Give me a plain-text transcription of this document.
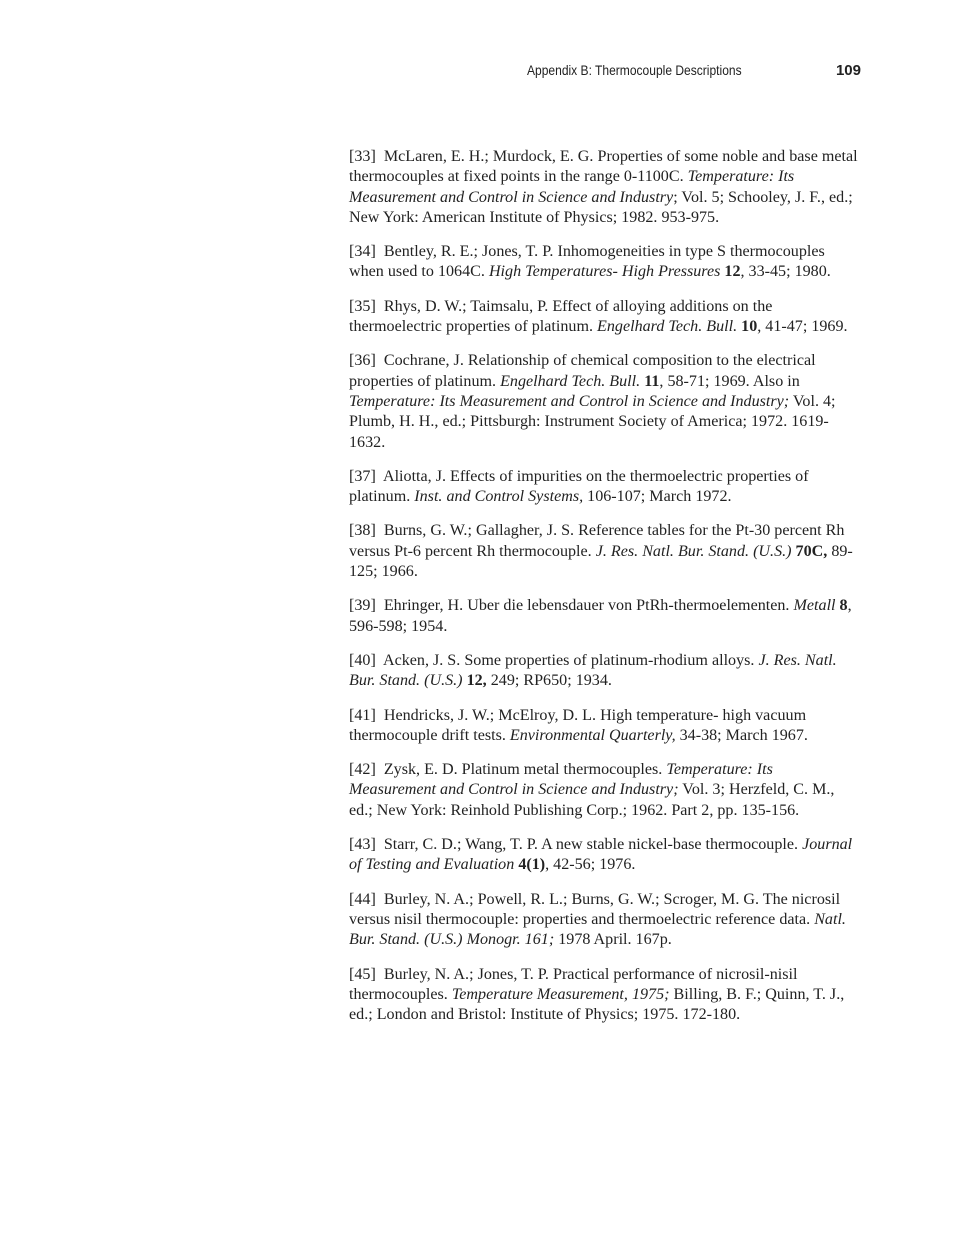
Appendix B: Thermocouple Descriptions	109

[33] McLaren, E. H.; Murdock, E. G. Properties of some noble and base metal thermocouples at fixed points in the range 0-1100C. Temperature: Its Measurement and Control in Science and Industry; Vol. 5; Schooley, J. F., ed.; New York: American Institute of Physics; 1982. 953-975.

[34] Bentley, R. E.; Jones, T. P. Inhomogeneities in type S thermocouples when used to 1064C. High Temperatures- High Pressures 12, 33-45; 1980.

[35] Rhys, D. W.; Taimsalu, P. Effect of alloying additions on the thermoelectric properties of platinum. Engelhard Tech. Bull. 10, 41-47; 1969.

[36] Cochrane, J. Relationship of chemical composition to the electrical properties of platinum. Engelhard Tech. Bull. 11, 58-71; 1969. Also in Temperature: Its Measurement and Control in Science and Industry; Vol. 4; Plumb, H. H., ed.; Pittsburgh: Instrument Society of America; 1972. 1619-1632.

[37] Aliotta, J. Effects of impurities on the thermoelectric properties of platinum. Inst. and Control Systems, 106-107; March 1972.

[38] Burns, G. W.; Gallagher, J. S. Reference tables for the Pt-30 percent Rh versus Pt-6 percent Rh thermocouple. J. Res. Natl. Bur. Stand. (U.S.) 70C, 89-125; 1966.

[39] Ehringer, H. Uber die lebensdauer von PtRh-thermoelementen. Metall 8, 596-598; 1954.

[40] Acken, J. S. Some properties of platinum-rhodium alloys. J. Res. Natl. Bur. Stand. (U.S.) 12, 249; RP650; 1934.

[41] Hendricks, J. W.; McElroy, D. L. High temperature- high vacuum thermocouple drift tests. Environmental Quarterly, 34-38; March 1967.

[42] Zysk, E. D. Platinum metal thermocouples. Temperature: Its Measurement and Control in Science and Industry; Vol. 3; Herzfeld, C. M., ed.; New York: Reinhold Publishing Corp.; 1962. Part 2, pp. 135-156.

[43] Starr, C. D.; Wang, T. P. A new stable nickel-base thermocouple. Journal of Testing and Evaluation 4(1), 42-56; 1976.

[44] Burley, N. A.; Powell, R. L.; Burns, G. W.; Scroger, M. G. The nicrosil versus nisil thermocouple: properties and thermoelectric reference data. Natl. Bur. Stand. (U.S.) Monogr. 161; 1978 April. 167p.

[45] Burley, N. A.; Jones, T. P. Practical performance of nicrosil-nisil thermocouples. Temperature Measurement, 1975; Billing, B. F.; Quinn, T. J., ed.; London and Bristol: Institute of Physics; 1975. 172-180.
